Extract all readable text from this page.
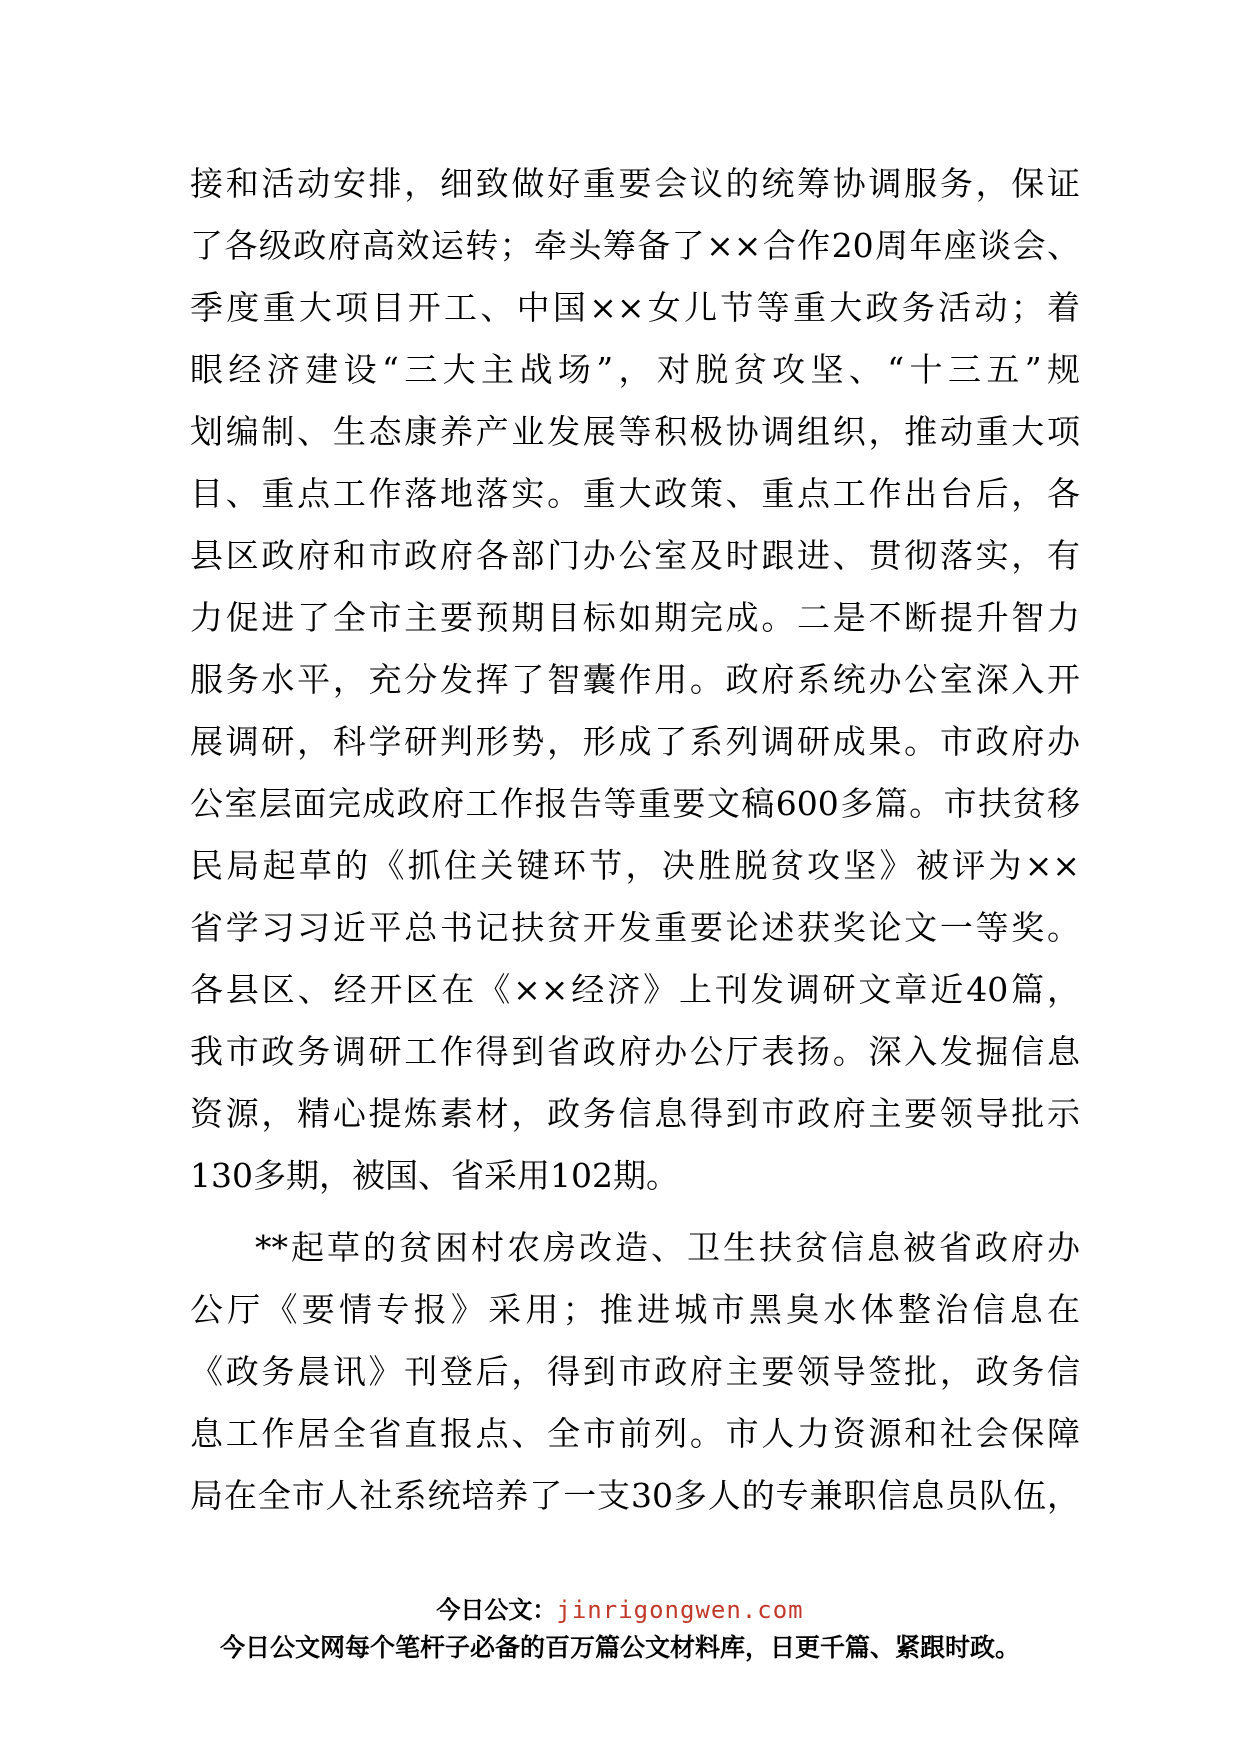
接和活动安排，细致做好重要会议的统筹协调服务，保证
了各级政府高效运转；牵头筹备了××合作20周年座谈会、
季度重大项目开工、中国××女儿节等重大政务活动；着
眼经济建设“三大主战场”，对脱贫攻坚、“十三五”规
划编制、生态康养产业发展等积极协调组织，推动重大项
目、重点工作落地落实。重大政策、重点工作出台后，各
县区政府和市政府各部门办公室及时跟进、贯彻落实，有
力促进了全市主要预期目标如期完成。二是不断提升智力
服务水平，充分发挥了智囊作用。政府系统办公室深入开
展调研，科学研判形势，形成了系列调研成果。市政府办
公室层面完成政府工作报告等重要文稿600多篇。市扶贫移
民局起草的《抓住关键环节，决胜脱贫攻坚》被评为××
省学习习近平总书记扶贫开发重要论述获奖论文一等奖。
各县区、经开区在《××经济》上刊发调研文章近40篇，
我市政务调研工作得到省政府办公厅表扬。深入发掘信息
资源，精心提炼素材，政务信息得到市政府主要领导批示
130多期，被国、省采用102期。
**起草的贫困村农房改造、卫生扶贫信息被省政府办
公厅《要情专报》采用；推进城市黑臭水体整治信息在
《政务晨讯》刊登后，得到市政府主要领导签批，政务信
息工作居全省直报点、全市前列。市人力资源和社会保障
局在全市人社系统培养了一支30多人的专兼职信息员队伍，
今日公文：jinrigongwen.com
今日公文网每个笔杆子必备的百万篇公文材料库，日更千篇、紧跟时政。
